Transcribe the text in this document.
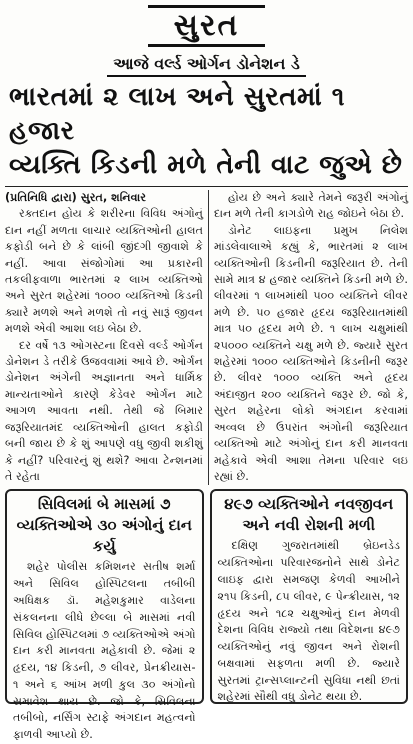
સુરત
આજે વર્લ્ડ ઓર્ગન ડોનેશન ડે
ભારતમાં ૨ લાખ અને સુરતમાં ૧ હજાર
વ્યક્તિ કિડની મળે તેની વાટ જુએ છે

(પ્રતિનિધિ દ્વારા) સુરત, શનિવાર

રક્તદાન હોય કે શરીરના વિવિધ અંગોનું દાન નહીં મળતા લાચાર વ્યક્તિઓની હાલત કફોડી બને છે કે લાંબી જીંદગી જીવાશે કે નહીં. આવા સંજોગોમાં આ પ્રકારની તકલીફવાળા ભારતમાં ૨ લાખ વ્યક્તિઓ અને સુરત શહેરમાં ૧૦૦૦ વ્યક્તિઓ કિડની ક્યારે મળશે અને મળશે તો નવું સારૂં જીવન મળશે એવી આશા લઇ બેઠા છે.

દર વર્ષે ૧૩ ઓગસ્ટના દિવસે વર્લ્ડ ઓર્ગન ડોનેશન ડે તરીકે ઉજવવામાં આવે છે. ઓર્ગન ડોનેશન અંગેની અજ્ઞાનતા અને ધાર્મિક માન્યતાઓને કારણે કેડેવર ઓર્ગન માટે આગળ આવતા નથી. તેથી જે બિમાર જરૂરિયાતમંદ વ્યક્તિઓની હાલત કફોડી બની જાય છે કે શું આપણે વધુ જીવી શકીશું કે નહીં? પરિવારનું શું થશે? આવા ટેન્શનમાં તે રહેતા

હોય છે અને ક્યારે તેમને જરૂરી અંગોનું દાન મળે તેની કાગડોળે રાહ જોઇને બેઠા છે.

ડોનેટ લાઇફના પ્રમુખ નિલેશ માંડલેવાલાએ કહ્યું કે, ભારતમાં ૨ લાખ વ્યક્તિઓની કિડનીની જરૂરિયાત છે. તેની સામે માત્ર ૪ હજાર વ્યક્તિને કિડની મળે છે. લીવરમાં ૧ લાખમાંથી ૫૦૦ વ્યક્તિને લીવર મળે છે. ૫૦ હજાર હૃદય જરૂરિયાતમાંથી માત્ર ૫૦ હૃદય મળે છે. ૧ લાખ ચક્ષુમાંથી ૨૫૦૦૦ વ્યક્તિને ચક્ષુ મળે છે. જ્યારે સુરત શહેરમાં ૧૦૦૦ વ્યક્તિઓને કિડનીની જરૂર છે. લીવર ૧૦૦૦ વ્યક્તિ અને હૃદય અંદાજીત ૨૦૦ વ્યક્તિને જરૂર છે. જો કે, સુરત શહેરના લોકો અંગદાન કરવામાં અવ્વલ છે ઉપરાંત અંગોની જરૂરિયાત વ્યક્તિઓ માટે અંગોનું દાન કરી માનવતા મહેકાવે એવી આશા તેમના પરિવાર લઇ રહ્યાં છે.

સિવિલમાં બે માસમાં ૭
વ્યક્તિઓએ ૩૦ અંગોનું દાન કર્યુ

શહેર પોલીસ કમિશનર સતીષ શર્મા અને સિવિલ હોસ્પિટલના તબીબી અધિક્ષક ડૉ. મહેશકુમાર વાડેલના સંકલનના લીધે છેલ્લા બે માસમાં નવી સિવિલ હોસ્પિટલમાં ૭ વ્યક્તિઓએ અંગો દાન કરી માનવતા મહેકાવી છે. જેમાં ૨ હૃદય, ૧૪ કિડની, ૭ લીવર, પ્રેનક્રીયાસ- ૧ અને ૬ આંખ મળી કુલ ૩૦ અંગોનો સમાવેશ થાય છે. જો કે, સિવિલના તબીબો, નર્સિંગ સ્ટાફે અંગદાન મહત્વનો ફાળવી આપ્યો છે.

૪૯૭ વ્યક્તિઓને નવજીવન
અને નવી રોશની મળી

દક્ષિણ ગુજરાતમાંથી બ્રેઇનડેડ વ્યક્તિઓના પરિવારજનોને સાથે ડોનેટ લાઇફ દ્વારા સમજણ કેળવી આખીને ૨૧૫ કિડની, ૮૫ લીવર, ૯ પેન્ક્રીયાસ, ૧૨ હૃદય અને ૧૮૨ ચક્ષુઓનું દાન મેળવી દેશના વિવિધ રાજ્યો તથા વિદેશના ૪૯૭ વ્યક્તિઓનું નવું જીવન અને રોશની બક્ષવામાં સફળતા મળી છે. જ્યારે સુરતમાં ટ્રાન્સપ્લાન્ટની સુવિધા નથી છતાં શહેરમાં સૌથી વધુ ડોનેટ થયા છે.
